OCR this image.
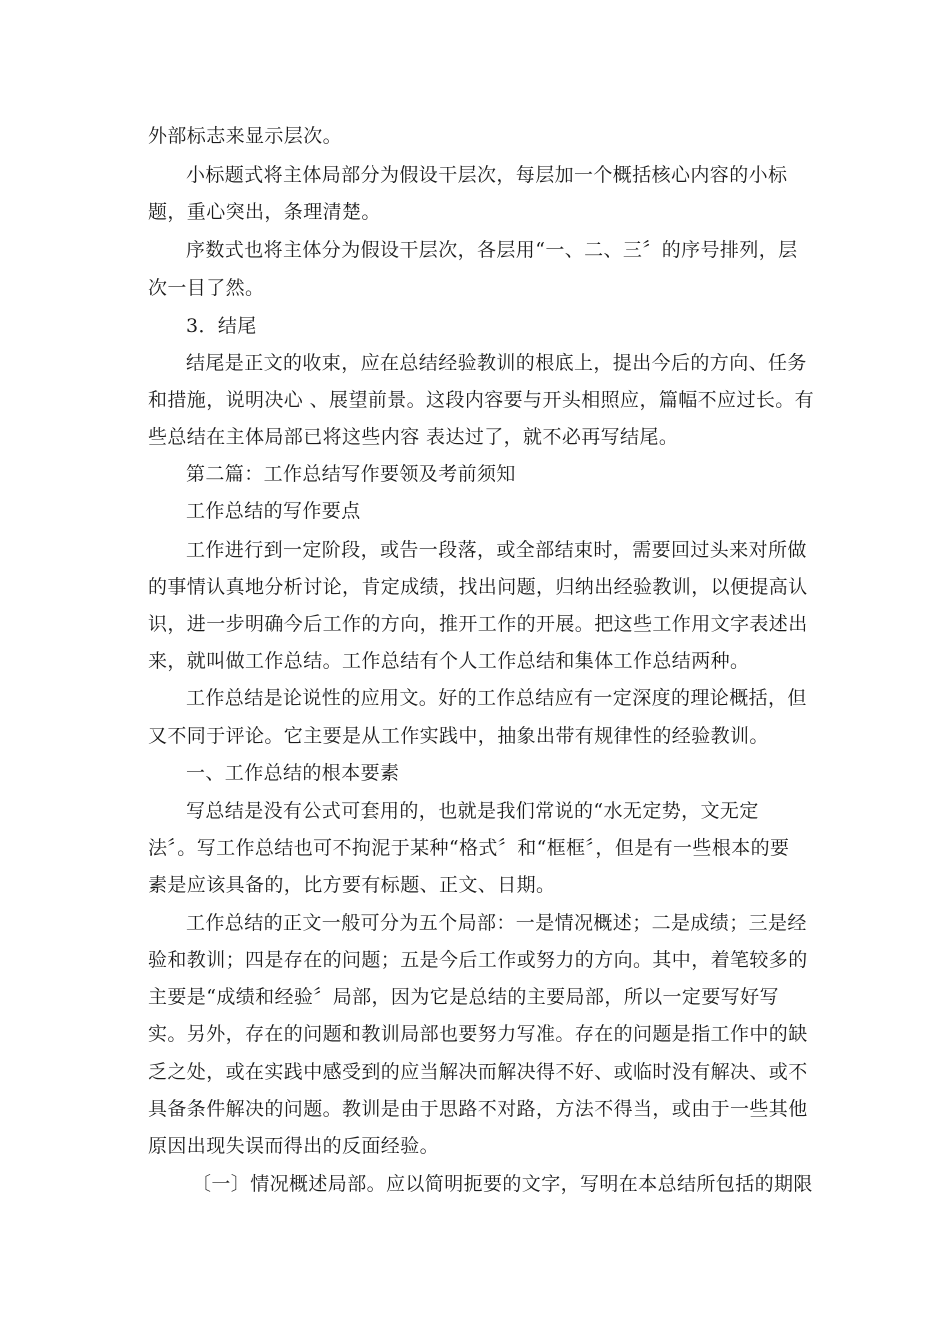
外部标志来显示层次。
小标题式将主体局部分为假设干层次，每层加一个概括核心内容的小标
题，重心突出，条理清楚。
序数式也将主体分为假设干层次，各层用“一、二、三〞的序号排列，层
次一目了然。
3．结尾
结尾是正文的收束，应在总结经验教训的根底上，提出今后的方向、任务
和措施，说明决心 、展望前景。这段内容要与开头相照应，篇幅不应过长。有
些总结在主体局部已将这些内容 表达过了，就不必再写结尾。
第二篇：工作总结写作要领及考前须知
工作总结的写作要点
工作进行到一定阶段，或告一段落，或全部结束时，需要回过头来对所做
的事情认真地分析讨论，肯定成绩，找出问题，归纳出经验教训，以便提高认
识，进一步明确今后工作的方向，推开工作的开展。把这些工作用文字表述出
来，就叫做工作总结。工作总结有个人工作总结和集体工作总结两种。
工作总结是论说性的应用文。好的工作总结应有一定深度的理论概括，但
又不同于评论。它主要是从工作实践中，抽象出带有规律性的经验教训。
一、工作总结的根本要素
写总结是没有公式可套用的，也就是我们常说的“水无定势，文无定
法〞。写工作总结也可不拘泥于某种“格式〞和“框框〞，但是有一些根本的要
素是应该具备的，比方要有标题、正文、日期。
工作总结的正文一般可分为五个局部：一是情况概述；二是成绩；三是经
验和教训；四是存在的问题；五是今后工作或努力的方向。其中，着笔较多的
主要是“成绩和经验〞局部，因为它是总结的主要局部，所以一定要写好写
实。另外，存在的问题和教训局部也要努力写准。存在的问题是指工作中的缺
乏之处，或在实践中感受到的应当解决而解决得不好、或临时没有解决、或不
具备条件解决的问题。教训是由于思路不对路，方法不得当，或由于一些其他
原因出现失误而得出的反面经验。
〔一〕情况概述局部。应以简明扼要的文字，写明在本总结所包括的期限
